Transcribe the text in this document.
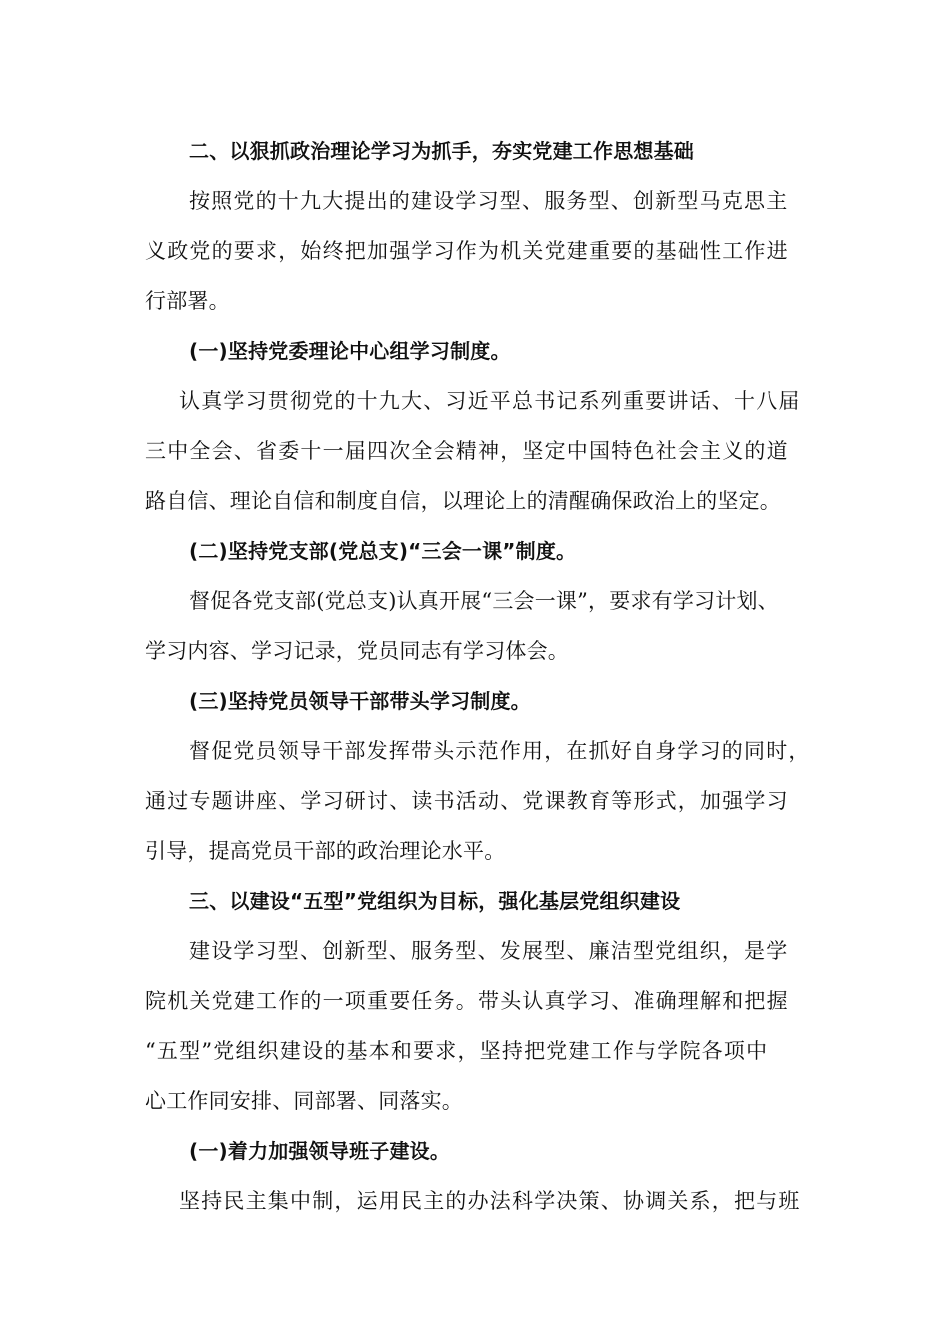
二、以狠抓政治理论学习为抓手，夯实党建工作思想基础
按照党的十九大提出的建设学习型、服务型、创新型马克思主
义政党的要求，始终把加强学习作为机关党建重要的基础性工作进
行部署。
(一)坚持党委理论中心组学习制度。
认真学习贯彻党的十九大、习近平总书记系列重要讲话、十八届
三中全会、省委十一届四次全会精神，坚定中国特色社会主义的道
路自信、理论自信和制度自信，以理论上的清醒确保政治上的坚定。
(二)坚持党支部(党总支)“三会一课”制度。
督促各党支部(党总支)认真开展“三会一课”，要求有学习计划、
学习内容、学习记录，党员同志有学习体会。
(三)坚持党员领导干部带头学习制度。
督促党员领导干部发挥带头示范作用，在抓好自身学习的同时，
通过专题讲座、学习研讨、读书活动、党课教育等形式，加强学习
引导，提高党员干部的政治理论水平。
三、以建设“五型”党组织为目标，强化基层党组织建设
建设学习型、创新型、服务型、发展型、廉洁型党组织，是学
院机关党建工作的一项重要任务。带头认真学习、准确理解和把握
“五型”党组织建设的基本和要求，坚持把党建工作与学院各项中
心工作同安排、同部署、同落实。
(一)着力加强领导班子建设。
坚持民主集中制，运用民主的办法科学决策、协调关系，把与班
